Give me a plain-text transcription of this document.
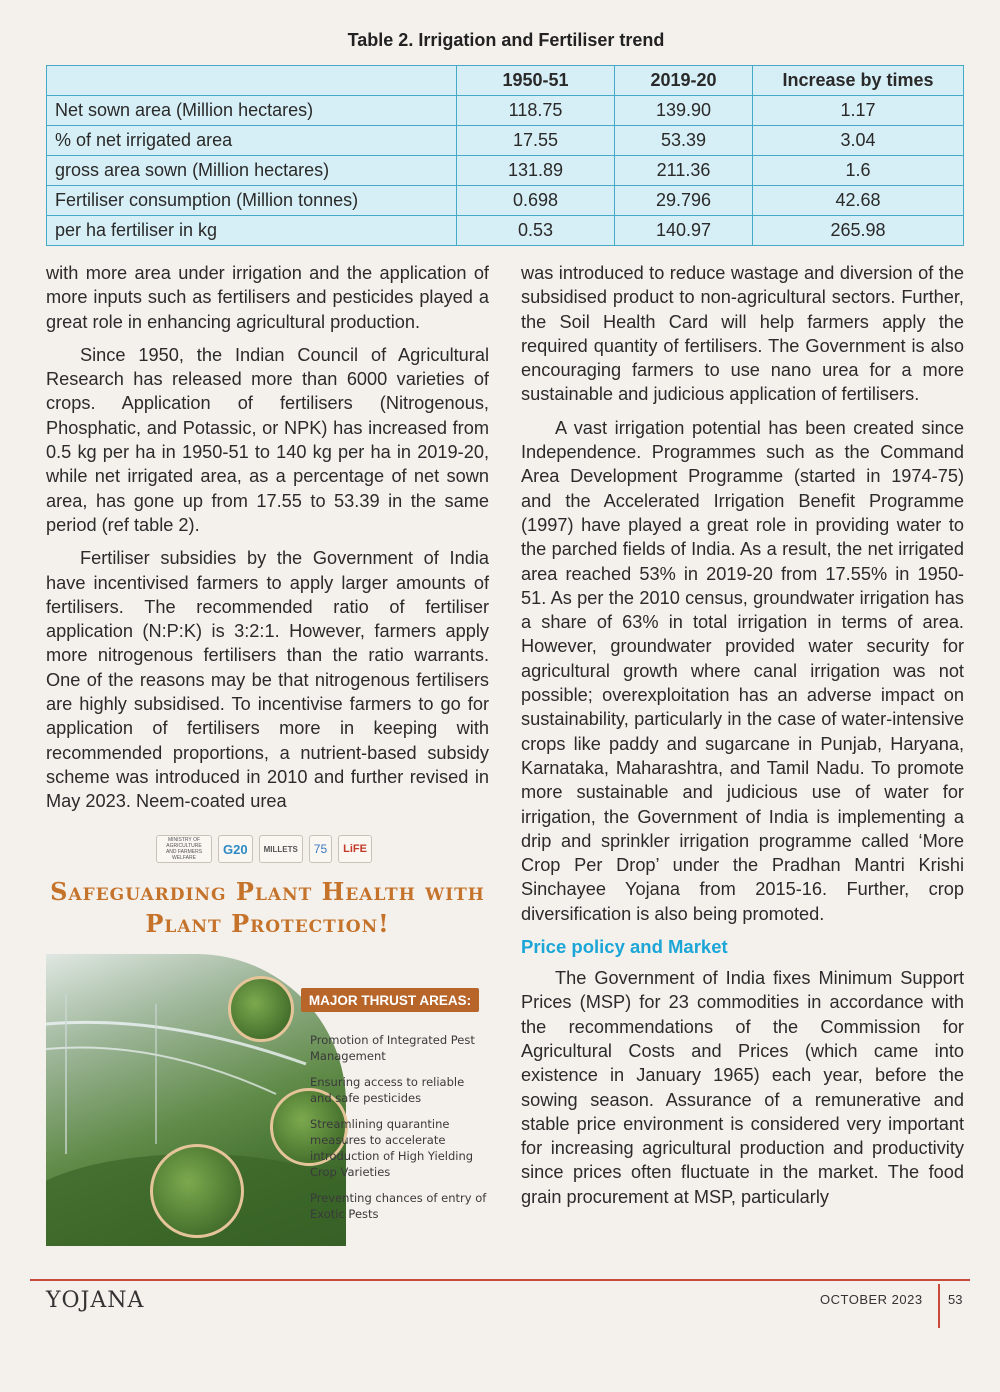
Table 2. Irrigation and Fertiliser trend
	1950-51	2019-20	Increase by times
Net sown area (Million hectares)	118.75	139.90	1.17
% of net irrigated area	17.55	53.39	3.04
gross area sown (Million hectares)	131.89	211.36	1.6
Fertiliser consumption (Million tonnes)	0.698	29.796	42.68
per ha fertiliser in kg	0.53	140.97	265.98

with more area under irrigation and the application of more inputs such as fertilisers and pesticides played a great role in enhancing agricultural production.

Since 1950, the Indian Council of Agricultural Research has released more than 6000 varieties of crops. Application of fertilisers (Nitrogenous, Phosphatic, and Potassic, or NPK) has increased from 0.5 kg per ha in 1950-51 to 140 kg per ha in 2019-20, while net irrigated area, as a percentage of net sown area, has gone up from 17.55 to 53.39 in the same period (ref table 2).

Fertiliser subsidies by the Government of India have incentivised farmers to apply larger amounts of fertilisers. The recommended ratio of fertiliser application (N:P:K) is 3:2:1. However, farmers apply more nitrogenous fertilisers than the ratio warrants. One of the reasons may be that nitrogenous fertilisers are highly subsidised. To incentivise farmers to go for application of fertilisers more in keeping with recommended proportions, a nutrient-based subsidy scheme was introduced in 2010 and further revised in May 2023. Neem-coated urea

MINISTRY OF AGRICULTURE AND FARMERS WELFARE
G20	MILLETS	75	LiFE
Safeguarding Plant Health with
Plant Protection!
MAJOR THRUST AREAS:
Promotion of Integrated Pest Management
Ensuring access to reliable and safe pesticides
Streamlining quarantine measures to accelerate introduction of High Yielding Crop Varieties
Preventing chances of entry of Exotic Pests

was introduced to reduce wastage and diversion of the subsidised product to non-agricultural sectors. Further, the Soil Health Card will help farmers apply the required quantity of fertilisers. The Government is also encouraging farmers to use nano urea for a more sustainable and judicious application of fertilisers.

A vast irrigation potential has been created since Independence. Programmes such as the Command Area Development Programme (started in 1974-75) and the Accelerated Irrigation Benefit Programme (1997) have played a great role in providing water to the parched fields of India. As a result, the net irrigated area reached 53% in 2019-20 from 17.55% in 1950-51. As per the 2010 census, groundwater irrigation has a share of 63% in total irrigation in terms of area. However, groundwater provided water security for agricultural growth where canal irrigation was not possible; overexploitation has an adverse impact on sustainability, particularly in the case of water-intensive crops like paddy and sugarcane in Punjab, Haryana, Karnataka, Maharashtra, and Tamil Nadu. To promote more sustainable and judicious use of water for irrigation, the Government of India is implementing a drip and sprinkler irrigation programme called ‘More Crop Per Drop’ under the Pradhan Mantri Krishi Sinchayee Yojana from 2015-16. Further, crop diversification is also being promoted.

Price policy and Market

The Government of India fixes Minimum Support Prices (MSP) for 23 commodities in accordance with the recommendations of the Commission for Agricultural Costs and Prices (which came into existence in January 1965) each year, before the sowing season. Assurance of a remunerative and stable price environment is considered very important for increasing agricultural production and productivity since prices often fluctuate in the market. The food grain procurement at MSP, particularly

YOJANA	OCTOBER 2023 53
